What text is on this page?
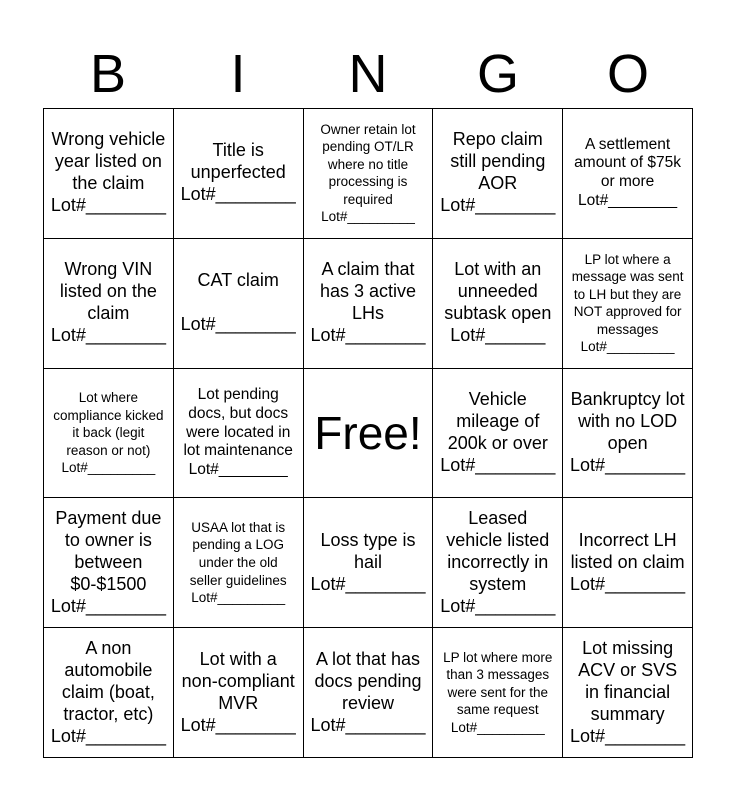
B	I	N	G	O
Wrong vehicle year listed on the claim
Lot#________
Title is unperfected
Lot#________
Owner retain lot pending OT/LR where no title processing is required
Lot#_________
Repo claim still pending AOR
Lot#________
A settlement amount of $75k or more
Lot#________
Wrong VIN listed on the claim
Lot#________
CAT claim

Lot#________
A claim that has 3 active LHs
Lot#________
Lot with an unneeded subtask open
Lot#______
LP lot where a message was sent to LH but they are NOT approved for messages
Lot#_________
Lot where compliance kicked it back (legit reason or not)
Lot#_________
Lot pending docs, but docs were located in lot maintenance
Lot#________
Free!
Vehicle mileage of 200k or over
Lot#________
Bankruptcy lot with no LOD open
Lot#________
Payment due to owner is between $0-$1500
Lot#________
USAA lot that is pending a LOG under the old seller guidelines
Lot#_________
Loss type is hail
Lot#________
Leased vehicle listed incorrectly in system
Lot#________
Incorrect LH listed on claim
Lot#________
A non automobile claim (boat, tractor, etc)
Lot#________
Lot with a non-compliant MVR
Lot#________
A lot that has docs pending review
Lot#________
LP lot where more than 3 messages were sent for the same request
Lot#_________
Lot missing ACV or SVS in financial summary
Lot#________
